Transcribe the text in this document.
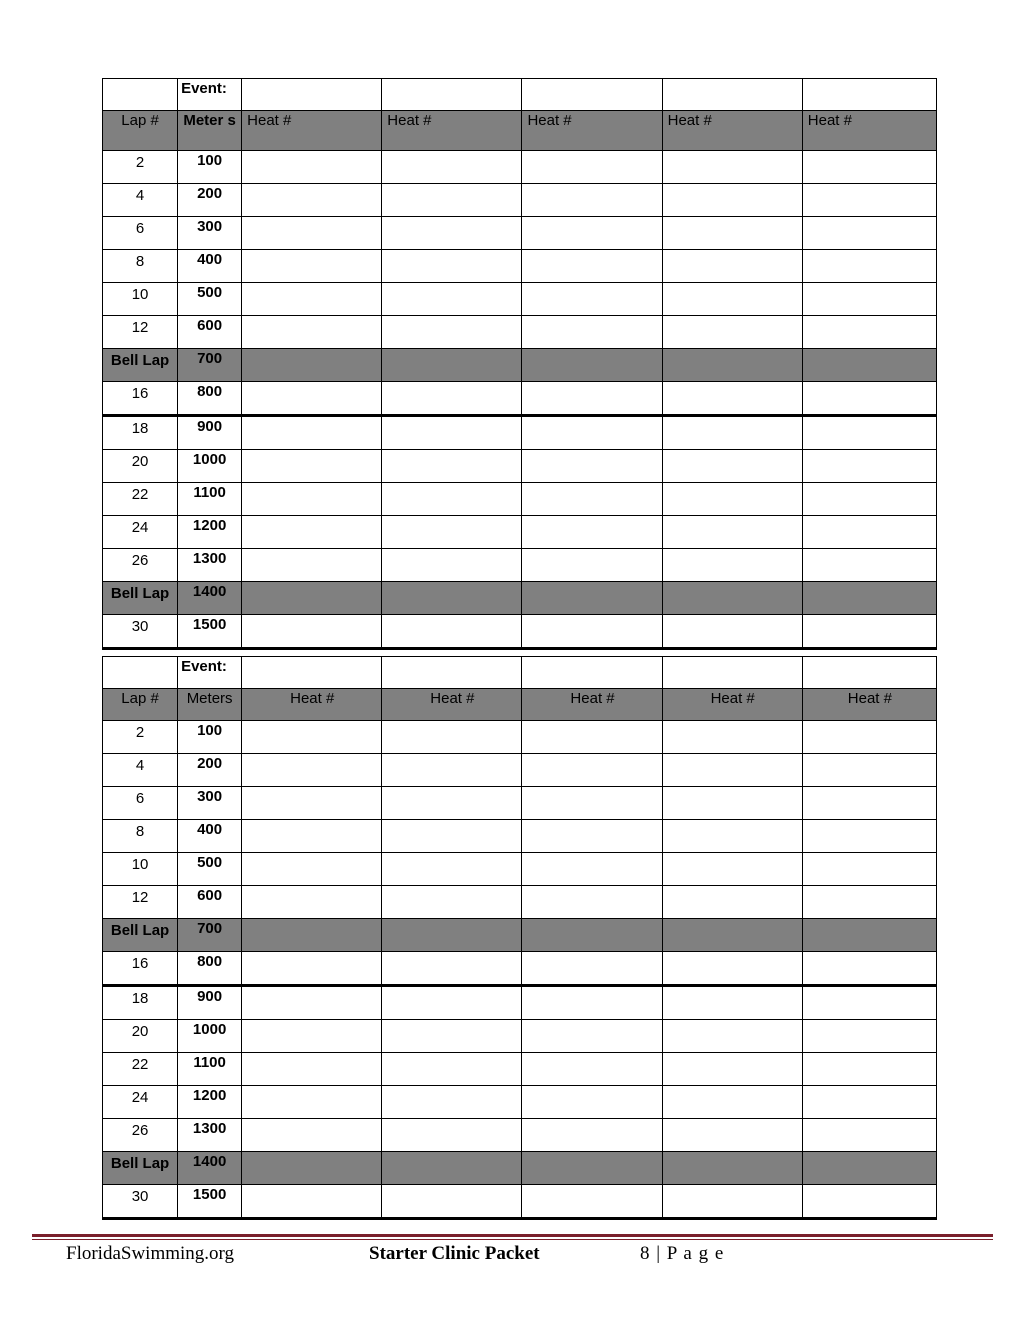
	Event:					
Lap #	Meter s	Heat #	Heat #	Heat #	Heat #	Heat #
2	100					
4	200					
6	300					
8	400					
10	500					
12	600					
Bell Lap	700					
16	800					
18	900					
20	1000					
22	1100					
24	1200					
26	1300					
Bell Lap	1400					
30	1500					
	Event:					
Lap #	Meters	Heat #	Heat #	Heat #	Heat #	Heat #
2	100					
4	200					
6	300					
8	400					
10	500					
12	600					
Bell Lap	700					
16	800					
18	900					
20	1000					
22	1100					
24	1200					
26	1300					
Bell Lap	1400					
30	1500					
FloridaSwimming.org	Starter Clinic Packet	8 | P a g e
